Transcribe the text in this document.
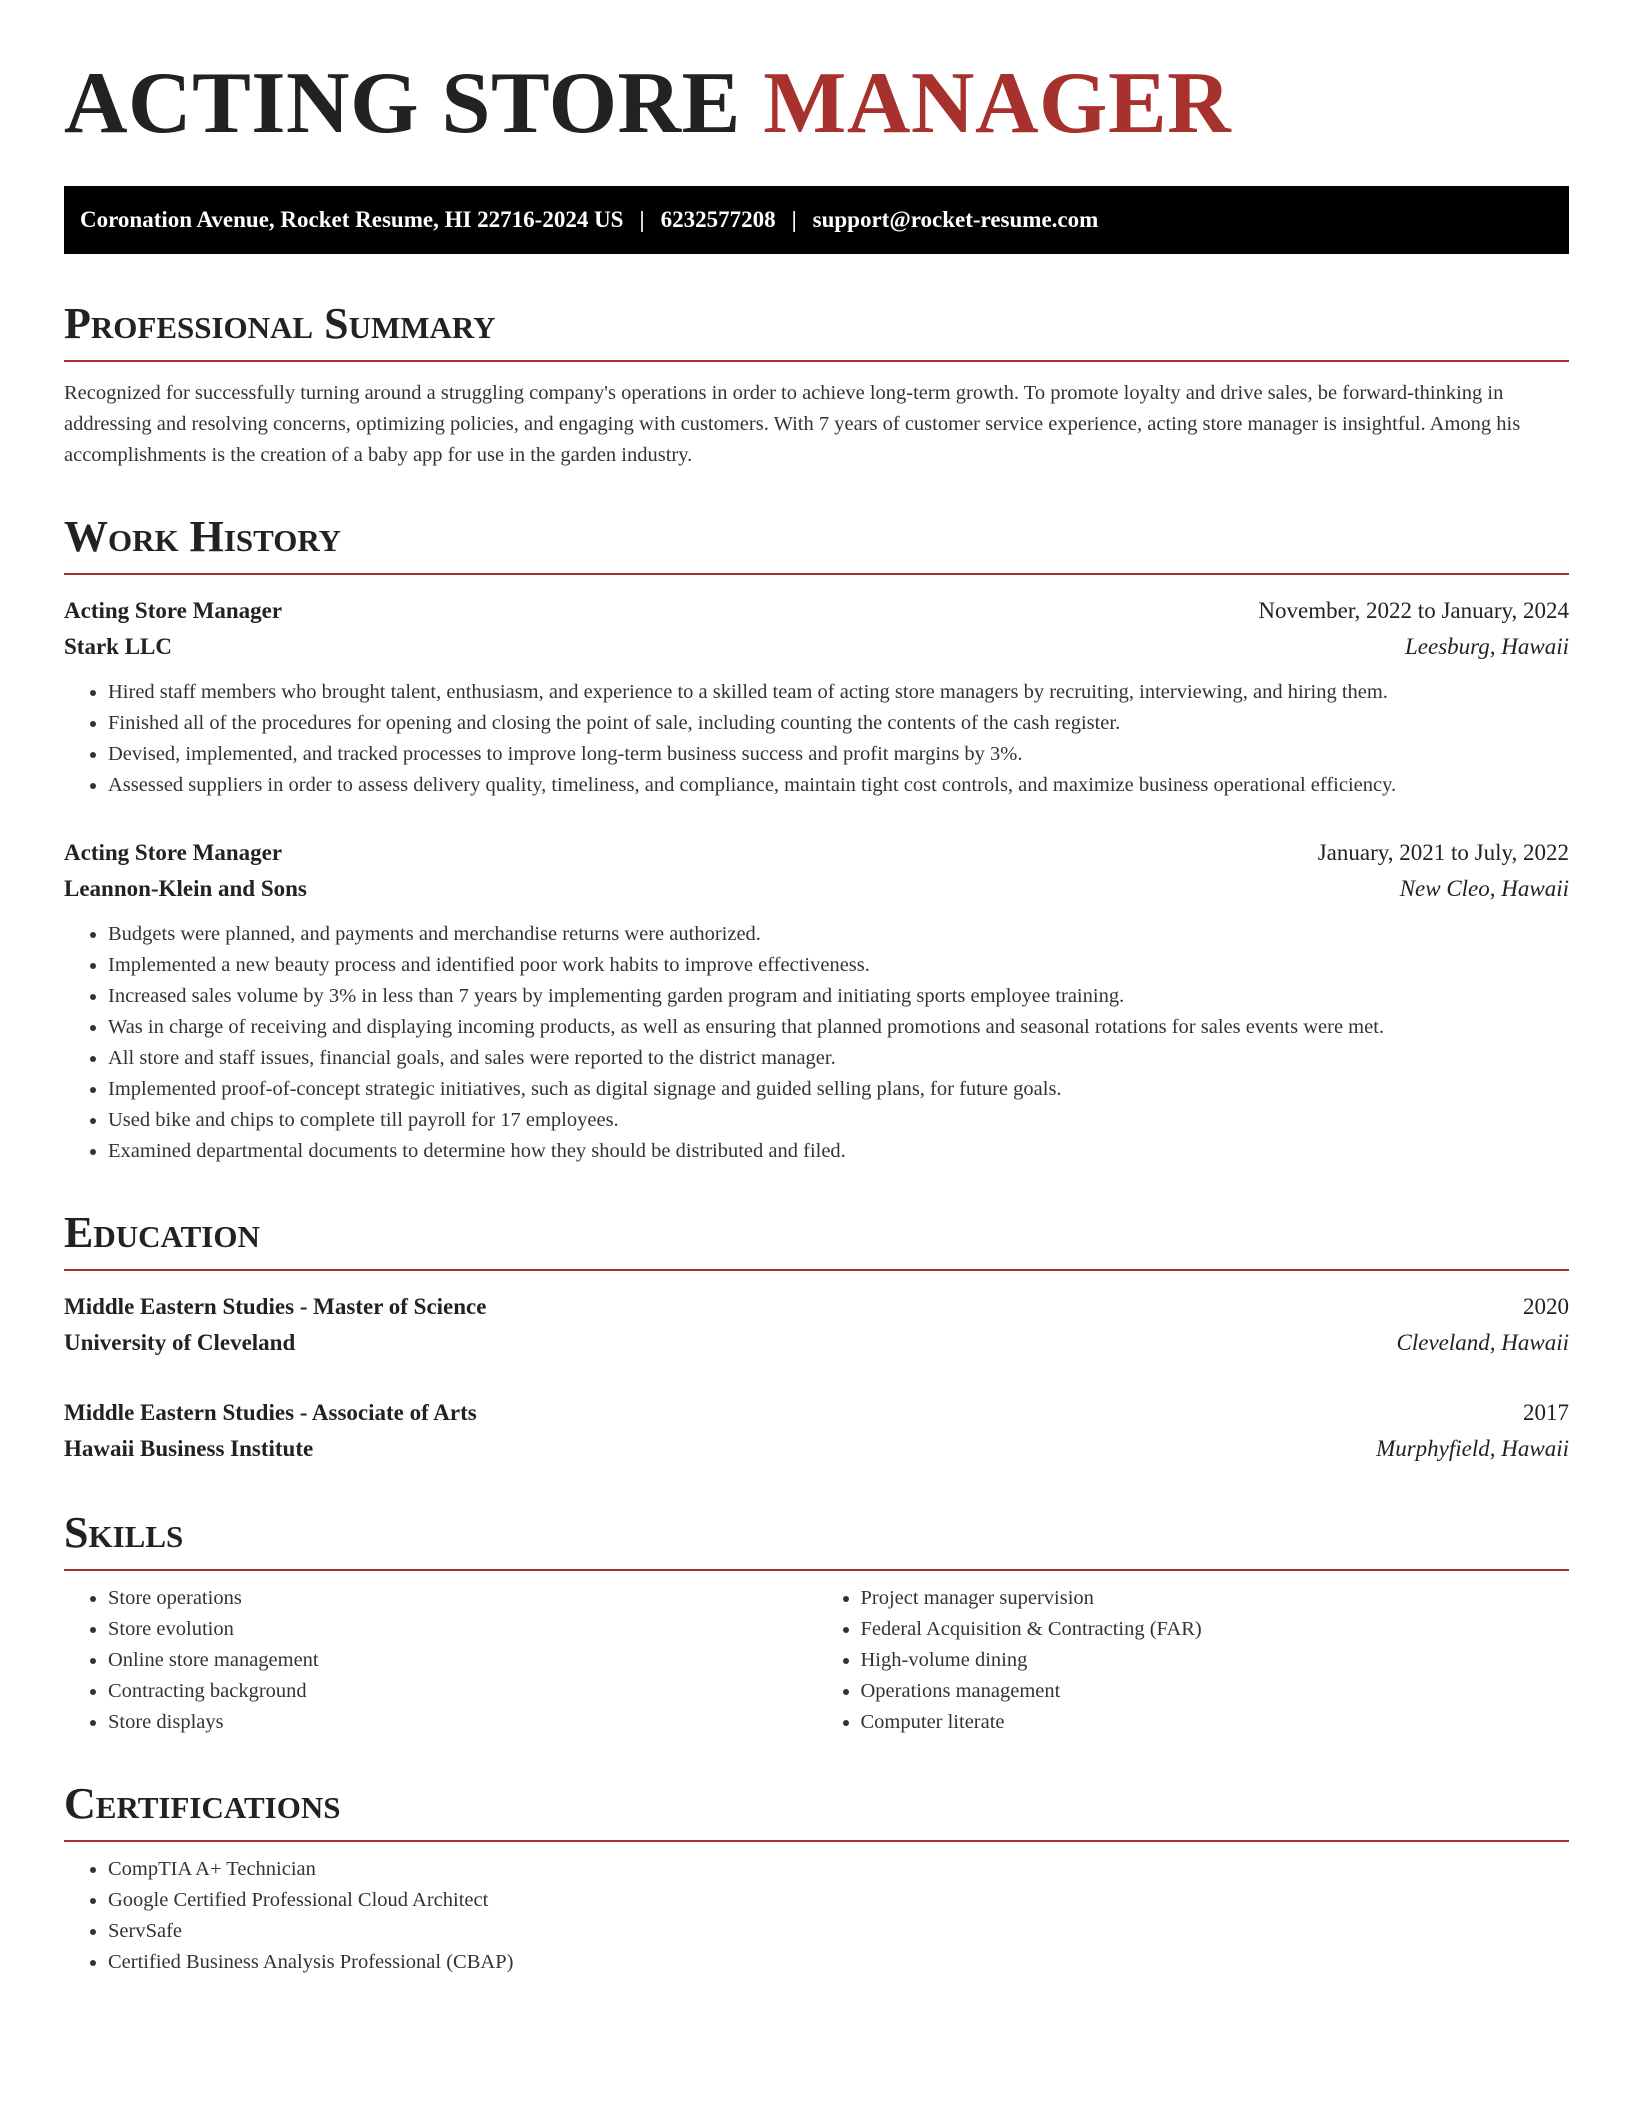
ACTING STORE MANAGER
Coronation Avenue, Rocket Resume, HI 22716-2024 US | 6232577208 | support@rocket-resume.com
Professional Summary

Recognized for successfully turning around a struggling company's operations in order to achieve long-term growth. To promote loyalty and drive sales, be forward-thinking in addressing and resolving concerns, optimizing policies, and engaging with customers. With 7 years of customer service experience, acting store manager is insightful. Among his accomplishments is the creation of a baby app for use in the garden industry.

Work History
Acting Store Manager	November, 2022 to January, 2024
Stark LLC	Leesburg, Hawaii
• Hired staff members who brought talent, enthusiasm, and experience to a skilled team of acting store managers by recruiting, interviewing, and hiring them.
• Finished all of the procedures for opening and closing the point of sale, including counting the contents of the cash register.
• Devised, implemented, and tracked processes to improve long-term business success and profit margins by 3%.
• Assessed suppliers in order to assess delivery quality, timeliness, and compliance, maintain tight cost controls, and maximize business operational efficiency.
Acting Store Manager	January, 2021 to July, 2022
Leannon-Klein and Sons	New Cleo, Hawaii
• Budgets were planned, and payments and merchandise returns were authorized.
• Implemented a new beauty process and identified poor work habits to improve effectiveness.
• Increased sales volume by 3% in less than 7 years by implementing garden program and initiating sports employee training.
• Was in charge of receiving and displaying incoming products, as well as ensuring that planned promotions and seasonal rotations for sales events were met.
• All store and staff issues, financial goals, and sales were reported to the district manager.
• Implemented proof-of-concept strategic initiatives, such as digital signage and guided selling plans, for future goals.
• Used bike and chips to complete till payroll for 17 employees.
• Examined departmental documents to determine how they should be distributed and filed.
Education
Middle Eastern Studies - Master of Science	2020
University of Cleveland	Cleveland, Hawaii
Middle Eastern Studies - Associate of Arts	2017
Hawaii Business Institute	Murphyfield, Hawaii
Skills
• Store operations
• Store evolution
• Online store management
• Contracting background
• Store displays
• Project manager supervision
• Federal Acquisition & Contracting (FAR)
• High-volume dining
• Operations management
• Computer literate
Certifications
• CompTIA A+ Technician
• Google Certified Professional Cloud Architect
• ServSafe
• Certified Business Analysis Professional (CBAP)
